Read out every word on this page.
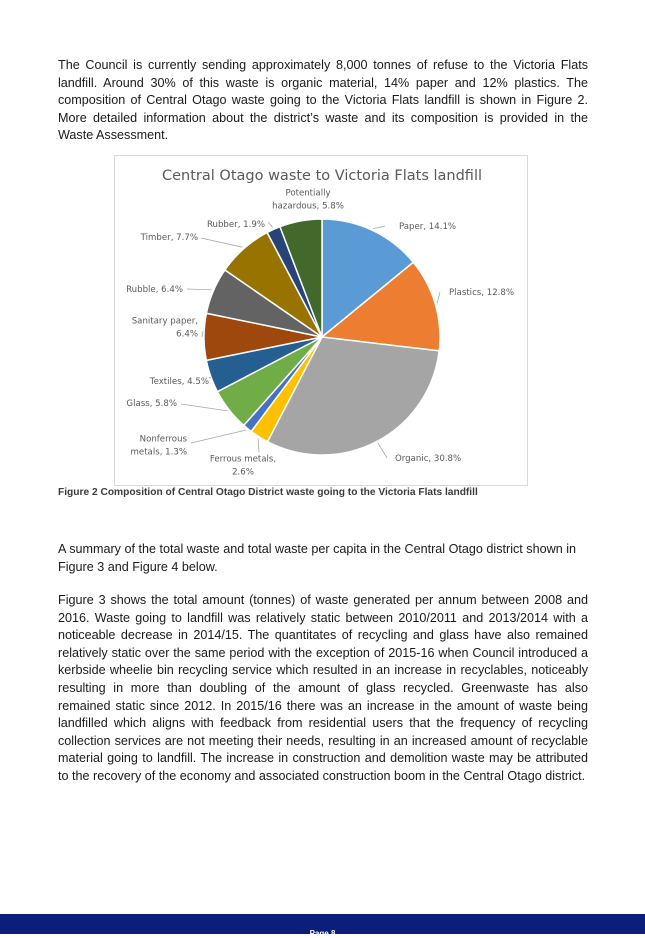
The Council is currently sending approximately 8,000 tonnes of refuse to the Victoria Flats landfill. Around 30% of this waste is organic material, 14% paper and 12% plastics. The composition of Central Otago waste going to the Victoria Flats landfill is shown in Figure 2. More detailed information about the district’s waste and its composition is provided in the Waste Assessment.

Central Otago waste to Victoria Flats landfill
Paper, 14.1%
Plastics, 12.8%
Organic, 30.8%
Ferrous metals, 2.6%
Nonferrous metals, 1.3%
Glass, 5.8%
Textiles, 4.5%
Sanitary paper, 6.4%
Rubble, 6.4%
Timber, 7.7%
Rubber, 1.9%
Potentially hazardous, 5.8%
Figure 2 Composition of Central Otago District waste going to the Victoria Flats landfill

A summary of the total waste and total waste per capita in the Central Otago district shown in Figure 3 and Figure 4 below.

Figure 3 shows the total amount (tonnes) of waste generated per annum between 2008 and 2016. Waste going to landfill was relatively static between 2010/2011 and 2013/2014 with a noticeable decrease in 2014/15. The quantitates of recycling and glass have also remained relatively static over the same period with the exception of 2015-16 when Council introduced a kerbside wheelie bin recycling service which resulted in an increase in recyclables, noticeably resulting in more than doubling of the amount of glass recycled. Greenwaste has also remained static since 2012. In 2015/16 there was an increase in the amount of waste being landfilled which aligns with feedback from residential users that the frequency of recycling collection services are not meeting their needs, resulting in an increased amount of recyclable material going to landfill. The increase in construction and demolition waste may be attributed to the recovery of the economy and associated construction boom in the Central Otago district.

Page 8
